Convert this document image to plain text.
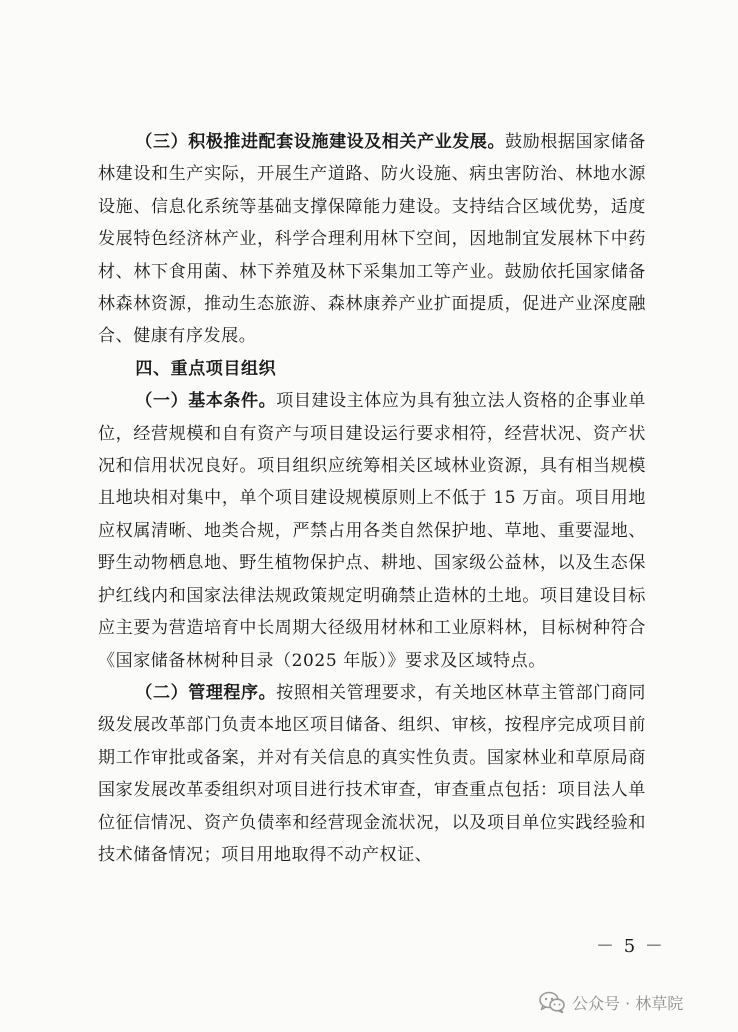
（三）积极推进配套设施建设及相关产业发展。鼓励根据国家储备林建设和生产实际，开展生产道路、防火设施、病虫害防治、林地水源设施、信息化系统等基础支撑保障能力建设。支持结合区域优势，适度发展特色经济林产业，科学合理利用林下空间，因地制宜发展林下中药材、林下食用菌、林下养殖及林下采集加工等产业。鼓励依托国家储备林森林资源，推动生态旅游、森林康养产业扩面提质，促进产业深度融合、健康有序发展。

四、重点项目组织

（一）基本条件。项目建设主体应为具有独立法人资格的企事业单位，经营规模和自有资产与项目建设运行要求相符，经营状况、资产状况和信用状况良好。项目组织应统筹相关区域林业资源，具有相当规模且地块相对集中，单个项目建设规模原则上不低于 15 万亩。项目用地应权属清晰、地类合规，严禁占用各类自然保护地、草地、重要湿地、野生动物栖息地、野生植物保护点、耕地、国家级公益林，以及生态保护红线内和国家法律法规政策规定明确禁止造林的土地。项目建设目标应主要为营造培育中长周期大径级用材林和工业原料林，目标树种符合《国家储备林树种目录（2025 年版）》要求及区域特点。

（二）管理程序。按照相关管理要求，有关地区林草主管部门商同级发展改革部门负责本地区项目储备、组织、审核，按程序完成项目前期工作审批或备案，并对有关信息的真实性负责。国家林业和草原局商国家发展改革委组织对项目进行技术审查，审查重点包括：项目法人单位征信情况、资产负债率和经营现金流状况，以及项目单位实践经验和技术储备情况；项目用地取得不动产权证、

－ 5 －
公众号 · 林草院
